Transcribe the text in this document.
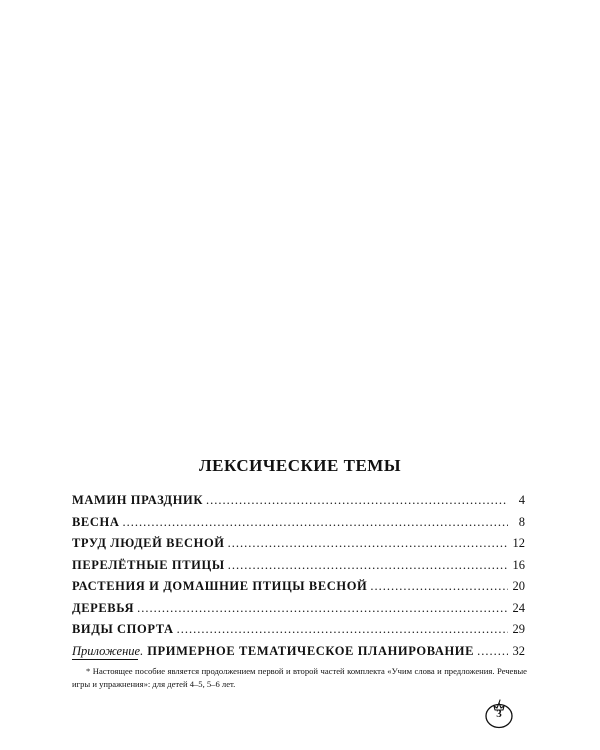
ЛЕКСИЧЕСКИЕ ТЕМЫ
МАМИН ПРАЗДНИК .....	4
ВЕСНА .....	8
ТРУД ЛЮДЕЙ ВЕСНОЙ .....	12
ПЕРЕЛЁТНЫЕ ПТИЦЫ .....	16
РАСТЕНИЯ И ДОМАШНИЕ ПТИЦЫ ВЕСНОЙ .....	20
ДЕРЕВЬЯ .....	24
ВИДЫ СПОРТА .....	29
Приложение. ПРИМЕРНОЕ ТЕМАТИЧЕСКОЕ ПЛАНИРОВАНИЕ .....	32
* Настоящее пособие является продолжением первой и второй частей комплекта «Учим слова и предложения. Речевые игры и упражнения»: для детей 4–5, 5–6 лет.
3
